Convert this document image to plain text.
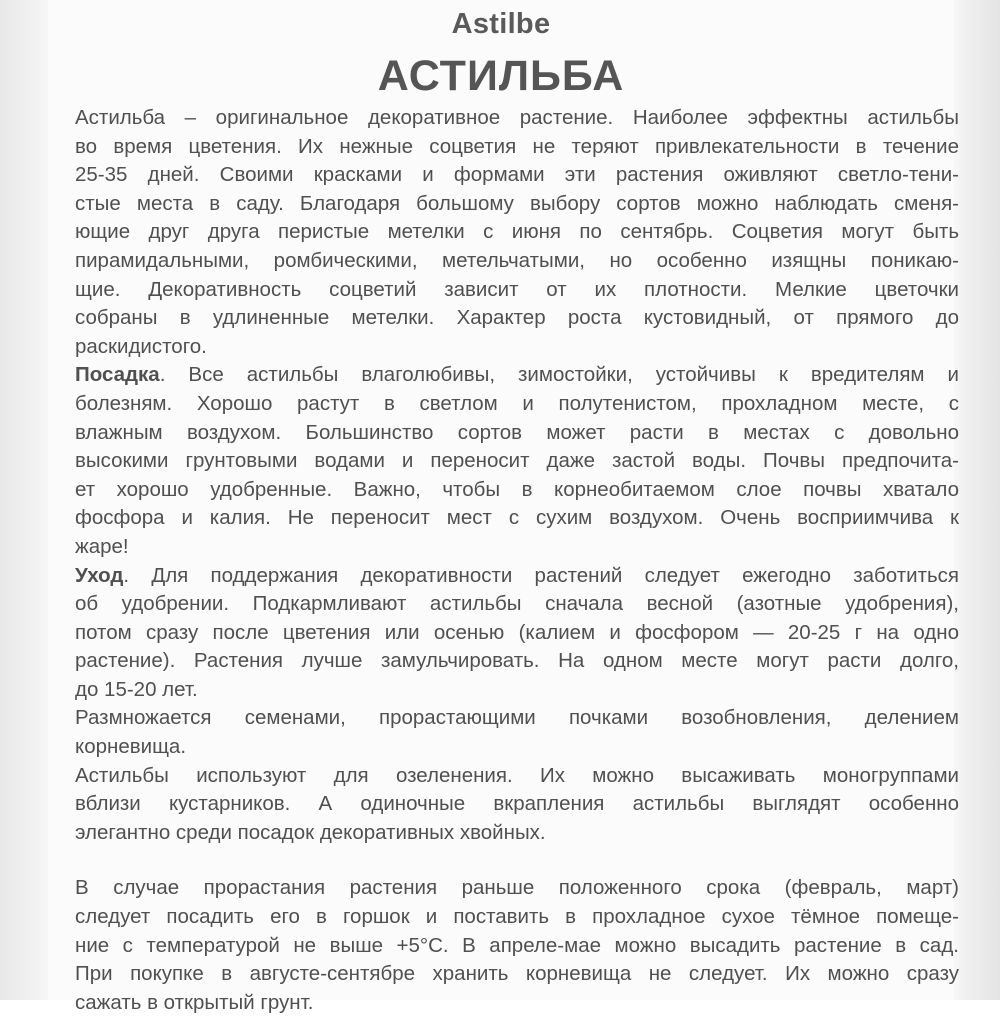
Astilbe
АСТИЛЬБА
Астильба – оригинальное декоративное растение. Наиболее эффектны астильбы
во время цветения. Их нежные соцветия не теряют привлекательности в течение
25-35 дней. Своими красками и формами эти растения оживляют светло-тени-
стые места в саду. Благодаря большому выбору сортов можно наблюдать сменя-
ющие друг друга перистые метелки с июня по сентябрь. Соцветия могут быть
пирамидальными, ромбическими, метельчатыми, но особенно изящны поникаю-
щие. Декоративность соцветий зависит от их плотности. Мелкие цветочки
собраны в удлиненные метелки. Характер роста кустовидный, от прямого до
раскидистого.
Посадка. Все астильбы влаголюбивы, зимостойки, устойчивы к вредителям и
болезням. Хорошо растут в светлом и полутенистом, прохладном месте, с
влажным воздухом. Большинство сортов может расти в местах с довольно
высокими грунтовыми водами и переносит даже застой воды. Почвы предпочита-
ет хорошо удобренные. Важно, чтобы в корнеобитаемом слое почвы хватало
фосфора и калия. Не переносит мест с сухим воздухом. Очень восприимчива к
жаре!
Уход. Для поддержания декоративности растений следует ежегодно заботиться
об удобрении. Подкармливают астильбы сначала весной (азотные удобрения),
потом сразу после цветения или осенью (калием и фосфором — 20-25 г на одно
растение). Растения лучше замульчировать. На одном месте могут расти долго,
до 15-20 лет.
Размножается семенами, прорастающими почками возобновления, делением
корневища.
Астильбы используют для озеленения. Их можно высаживать моногруппами
вблизи кустарников. А одиночные вкрапления астильбы выглядят особенно
элегантно среди посадок декоративных хвойных.
В случае прорастания растения раньше положенного срока (февраль, март)
следует посадить его в горшок и поставить в прохладное сухое тёмное помеще-
ние с температурой не выше +5°С. В апреле-мае можно высадить растение в сад.
При покупке в августе-сентябре хранить корневища не следует. Их можно сразу
сажать в открытый грунт.
